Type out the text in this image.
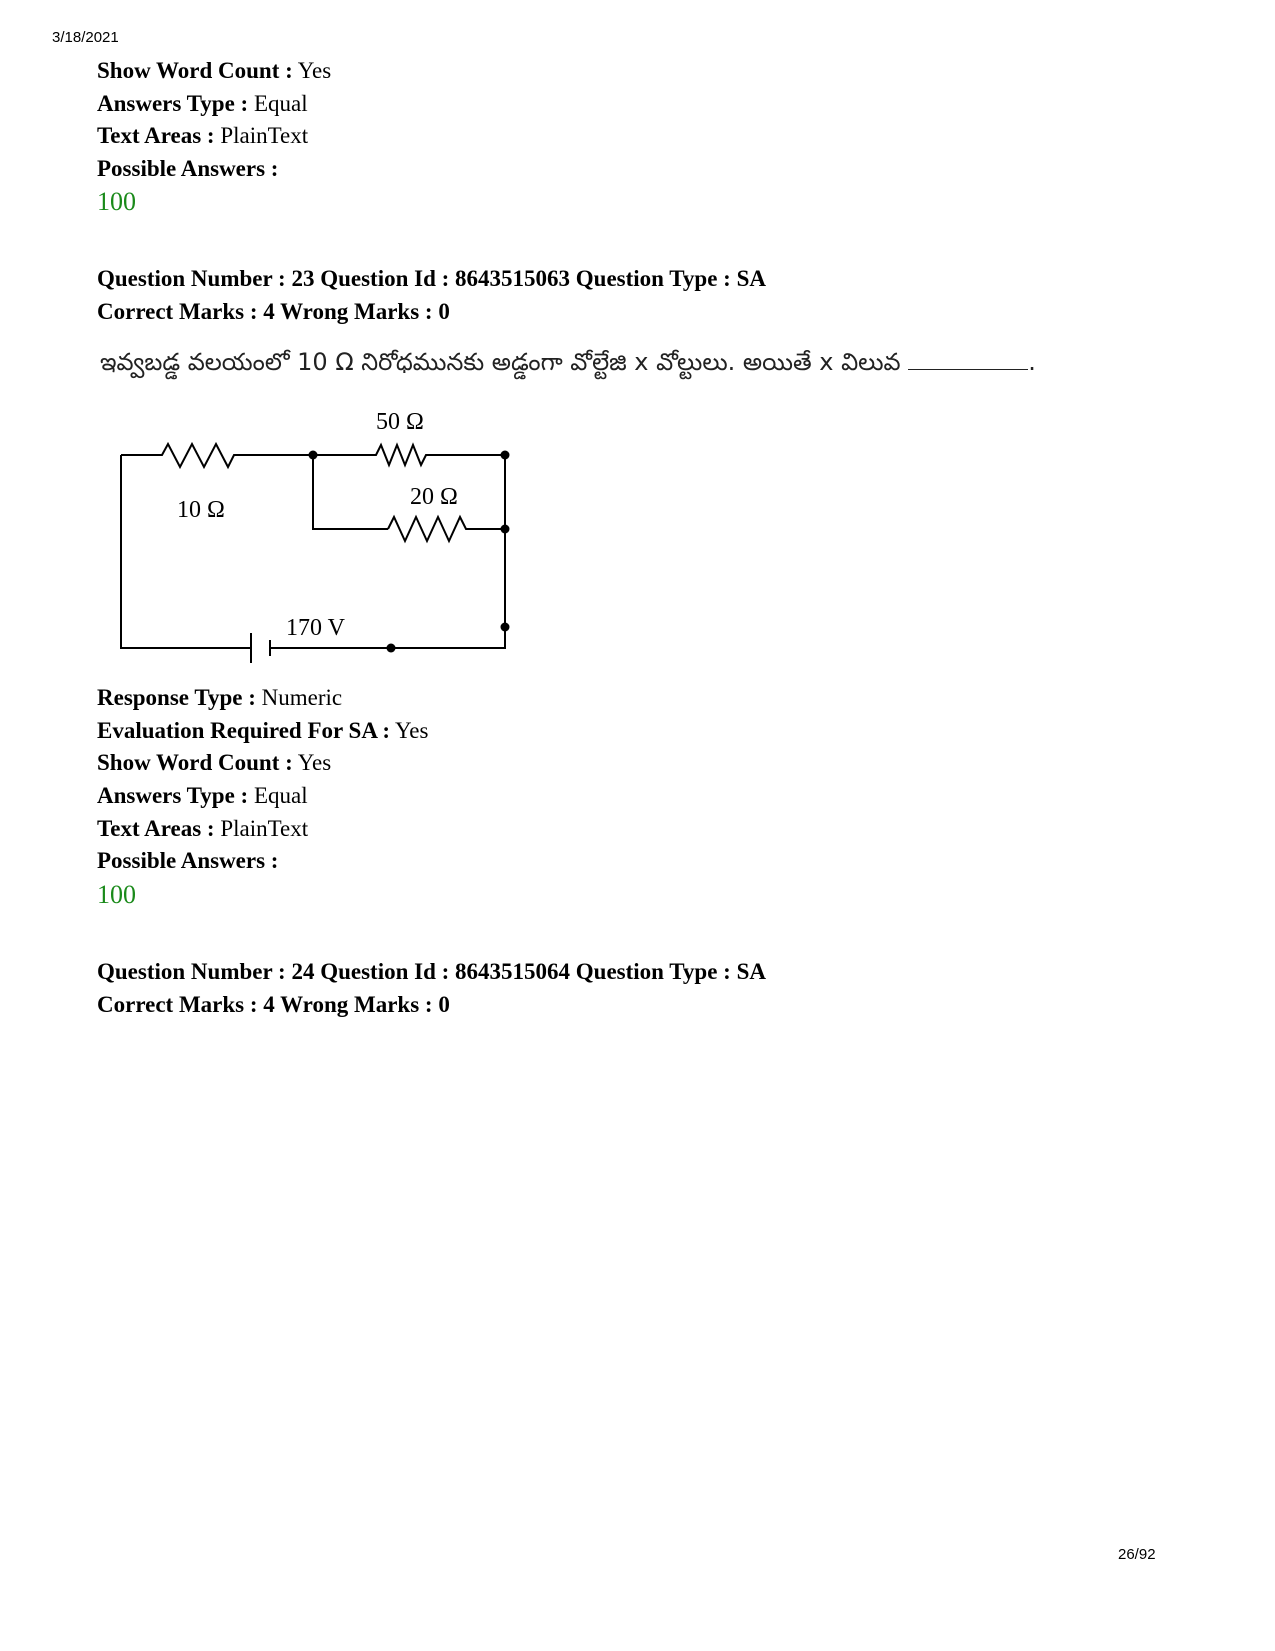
3/18/2021
Show Word Count : Yes
Answers Type : Equal
Text Areas : PlainText
Possible Answers :
100
Question Number : 23 Question Id : 8643515063 Question Type : SA
Correct Marks : 4 Wrong Marks : 0
ఇవ్వబడ్డ వలయంలో 10 Ω నిరోధమునకు అడ్డంగా వోల్టేజి x వోల్టులు. అయితే x విలువ	.
10 Ω
50 Ω
20 Ω
170 V
Response Type : Numeric
Evaluation Required For SA : Yes
Show Word Count : Yes
Answers Type : Equal
Text Areas : PlainText
Possible Answers :
100
Question Number : 24 Question Id : 8643515064 Question Type : SA
Correct Marks : 4 Wrong Marks : 0
26/92
